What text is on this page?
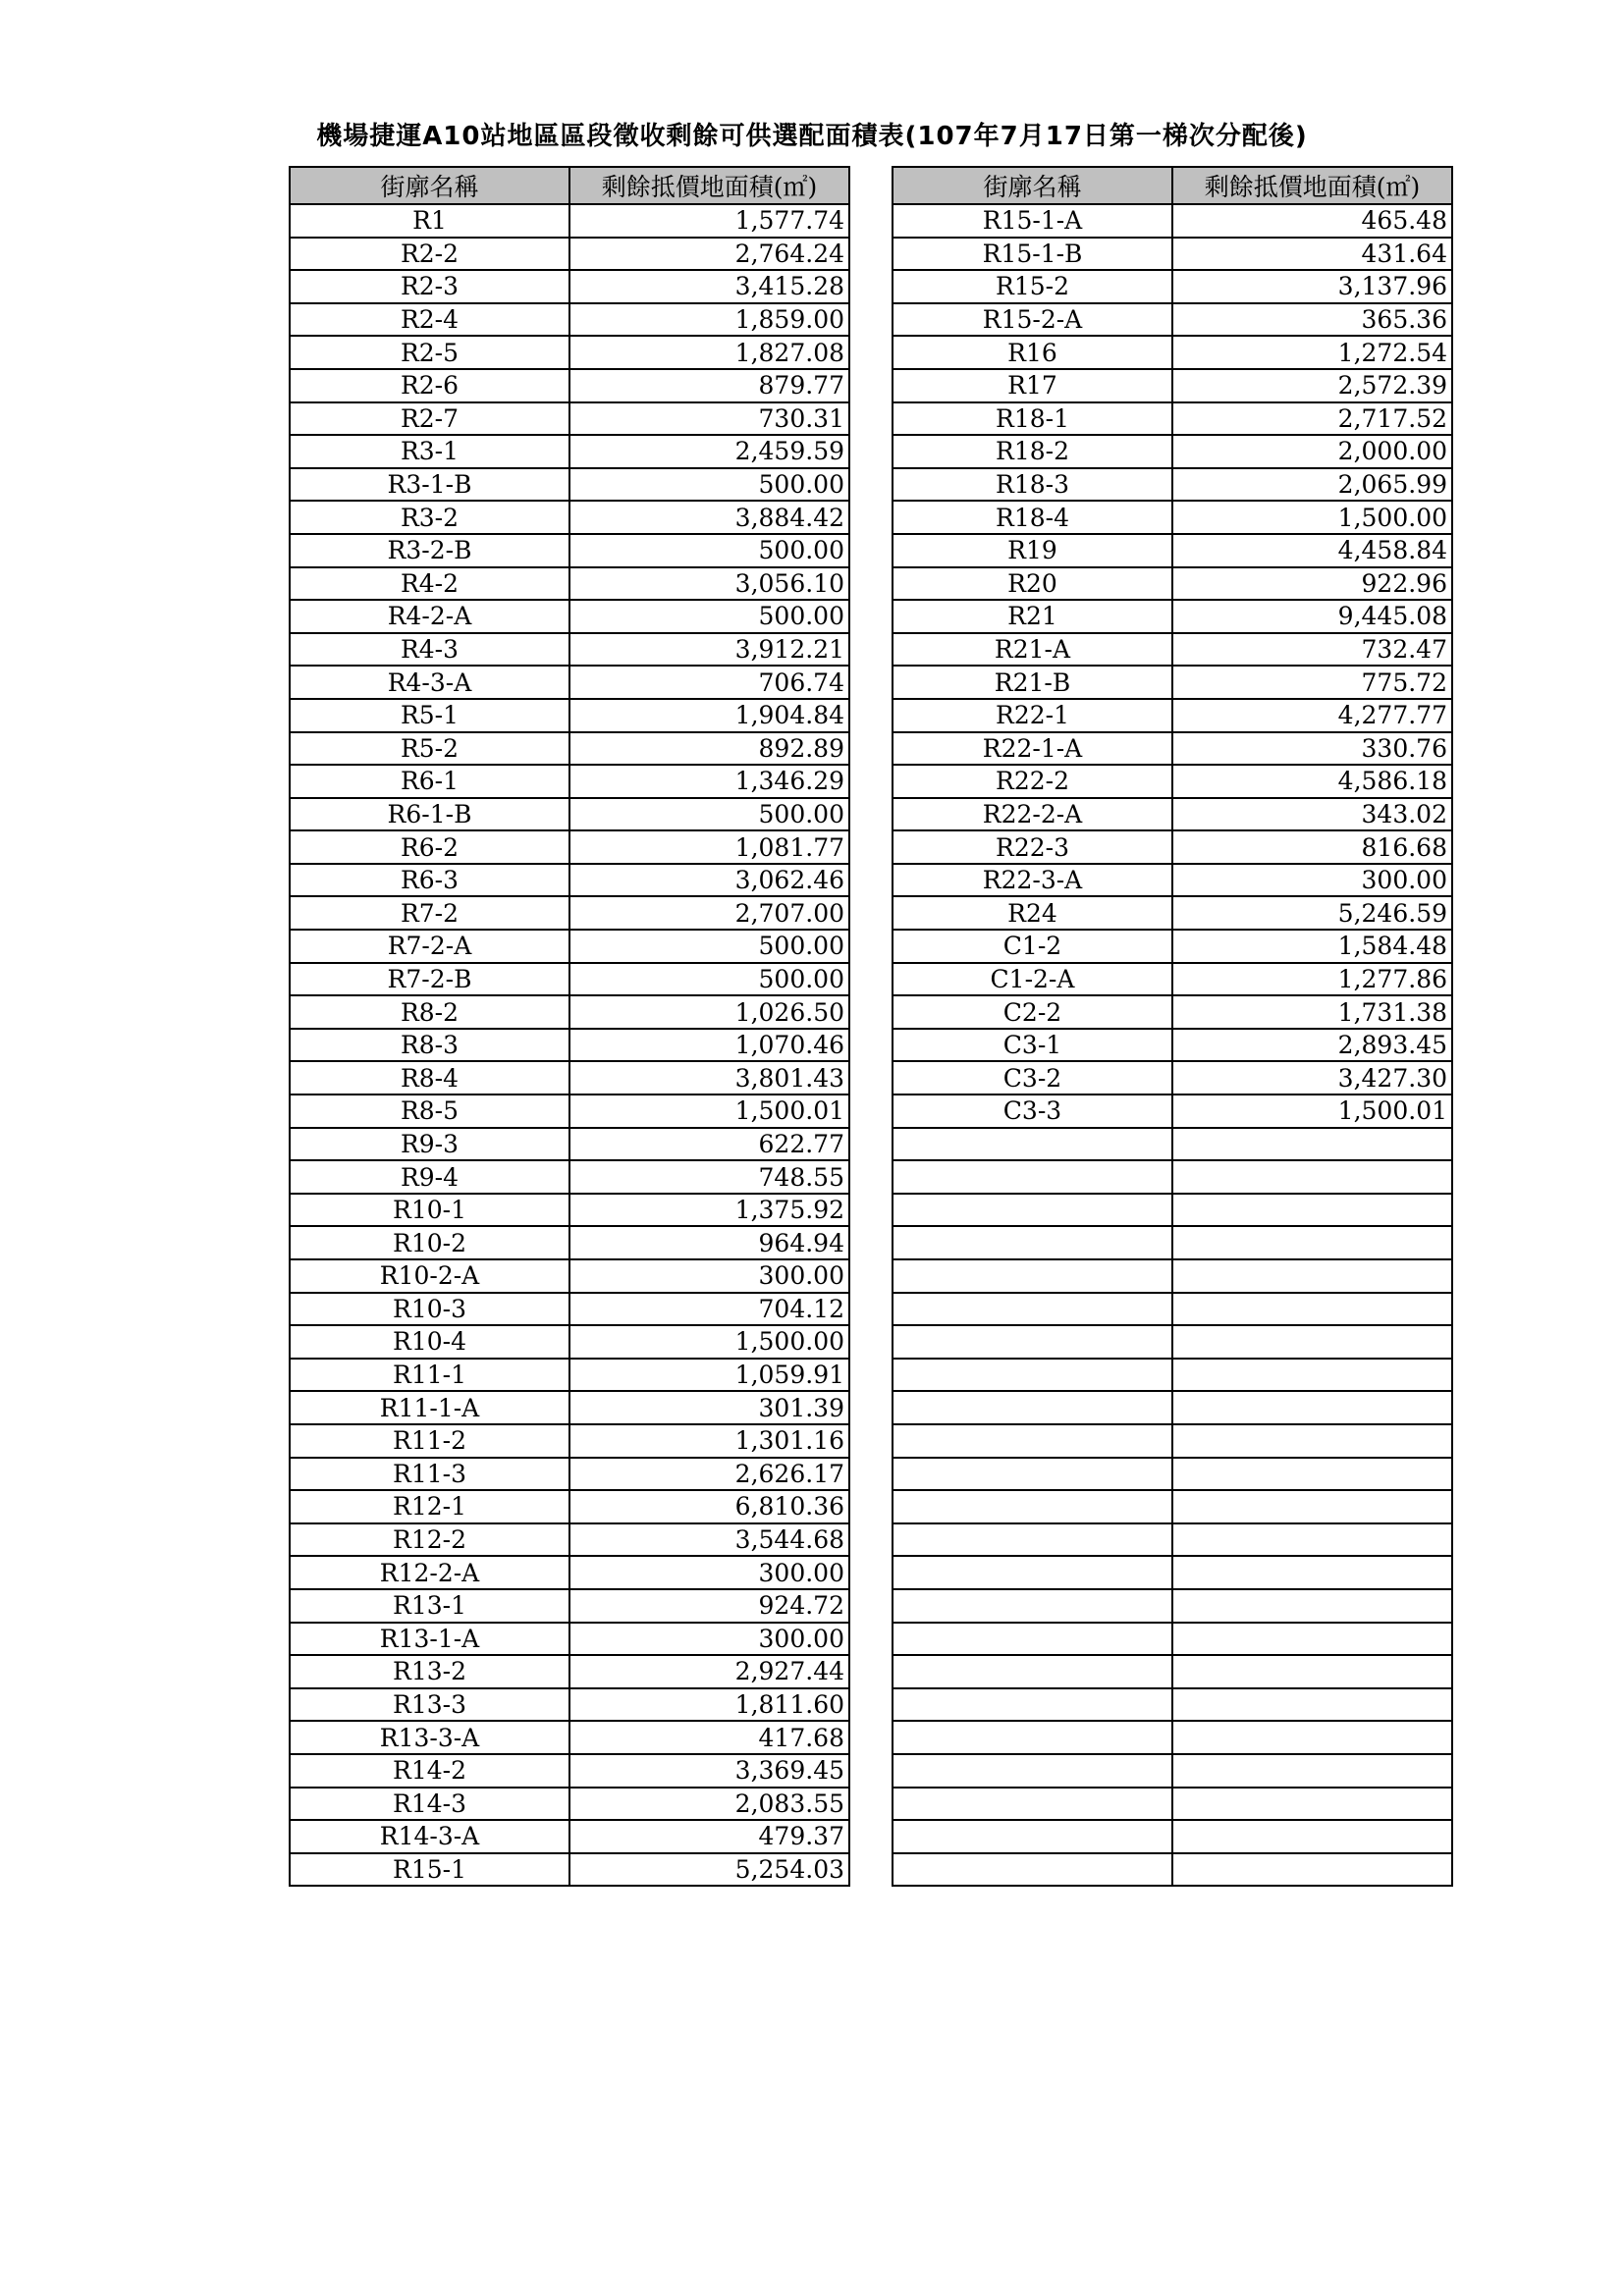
機場捷運A10站地區區段徵收剩餘可供選配面積表(107年7月17日第一梯次分配後)
街廓名稱	剩餘抵價地面積(㎡)
R1	1,577.74
R2-2	2,764.24
R2-3	3,415.28
R2-4	1,859.00
R2-5	1,827.08
R2-6	879.77
R2-7	730.31
R3-1	2,459.59
R3-1-B	500.00
R3-2	3,884.42
R3-2-B	500.00
R4-2	3,056.10
R4-2-A	500.00
R4-3	3,912.21
R4-3-A	706.74
R5-1	1,904.84
R5-2	892.89
R6-1	1,346.29
R6-1-B	500.00
R6-2	1,081.77
R6-3	3,062.46
R7-2	2,707.00
R7-2-A	500.00
R7-2-B	500.00
R8-2	1,026.50
R8-3	1,070.46
R8-4	3,801.43
R8-5	1,500.01
R9-3	622.77
R9-4	748.55
R10-1	1,375.92
R10-2	964.94
R10-2-A	300.00
R10-3	704.12
R10-4	1,500.00
R11-1	1,059.91
R11-1-A	301.39
R11-2	1,301.16
R11-3	2,626.17
R12-1	6,810.36
R12-2	3,544.68
R12-2-A	300.00
R13-1	924.72
R13-1-A	300.00
R13-2	2,927.44
R13-3	1,811.60
R13-3-A	417.68
R14-2	3,369.45
R14-3	2,083.55
R14-3-A	479.37
R15-1	5,254.03
街廓名稱	剩餘抵價地面積(㎡)
R15-1-A	465.48
R15-1-B	431.64
R15-2	3,137.96
R15-2-A	365.36
R16	1,272.54
R17	2,572.39
R18-1	2,717.52
R18-2	2,000.00
R18-3	2,065.99
R18-4	1,500.00
R19	4,458.84
R20	922.96
R21	9,445.08
R21-A	732.47
R21-B	775.72
R22-1	4,277.77
R22-1-A	330.76
R22-2	4,586.18
R22-2-A	343.02
R22-3	816.68
R22-3-A	300.00
R24	5,246.59
C1-2	1,584.48
C1-2-A	1,277.86
C2-2	1,731.38
C3-1	2,893.45
C3-2	3,427.30
C3-3	1,500.01
